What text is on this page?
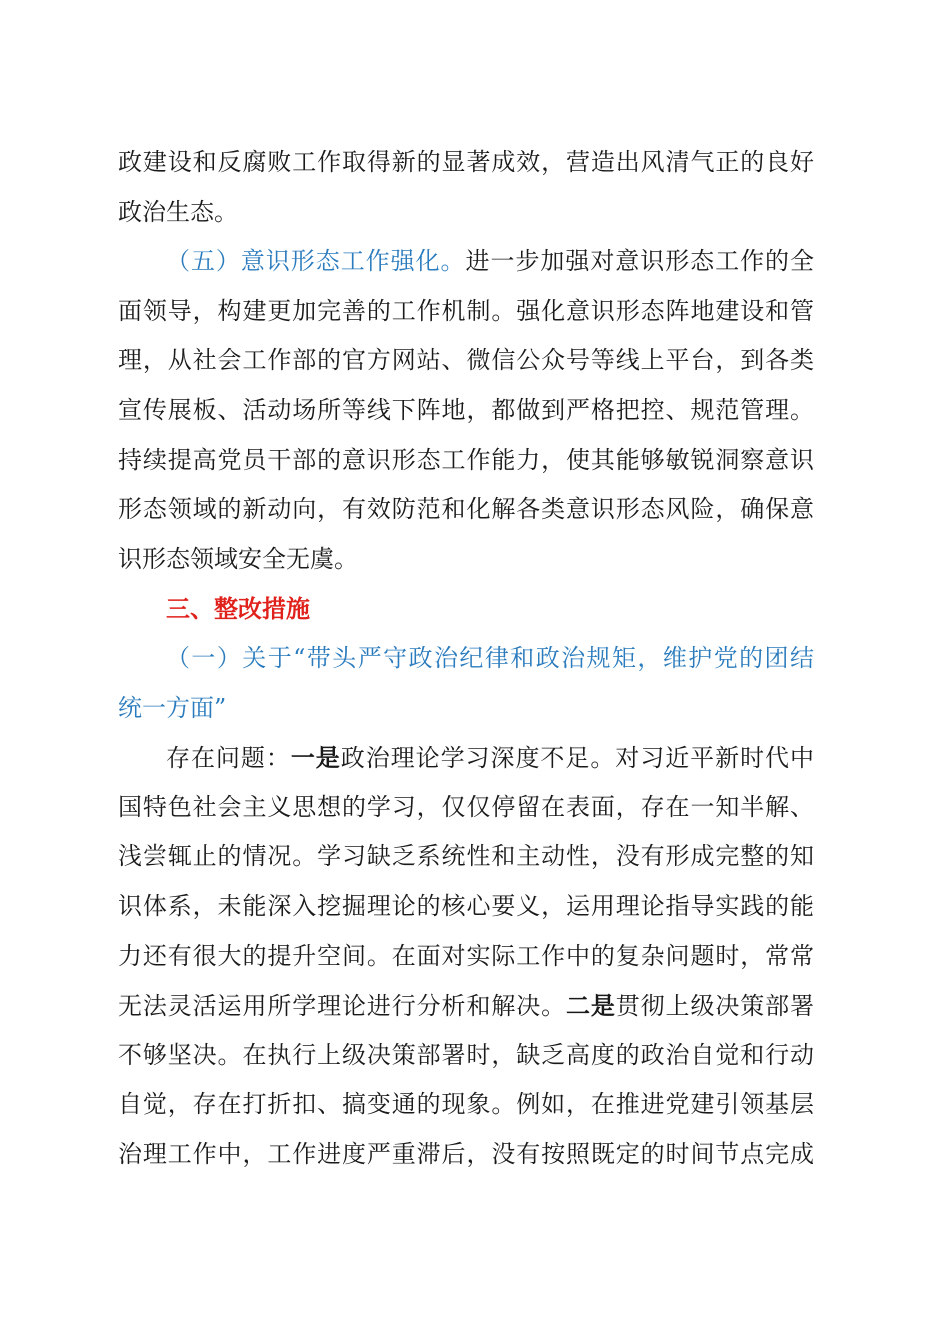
政建设和反腐败工作取得新的显著成效，营造出风清气正的良好
政治生态。
（五）意识形态工作强化。进一步加强对意识形态工作的全
面领导，构建更加完善的工作机制。强化意识形态阵地建设和管
理，从社会工作部的官方网站、微信公众号等线上平台，到各类
宣传展板、活动场所等线下阵地，都做到严格把控、规范管理。
持续提高党员干部的意识形态工作能力，使其能够敏锐洞察意识
形态领域的新动向，有效防范和化解各类意识形态风险，确保意
识形态领域安全无虞。
三、整改措施
（一）关于“带头严守政治纪律和政治规矩，维护党的团结
统一方面”
存在问题：一是政治理论学习深度不足。对习近平新时代中
国特色社会主义思想的学习，仅仅停留在表面，存在一知半解、
浅尝辄止的情况。学习缺乏系统性和主动性，没有形成完整的知
识体系，未能深入挖掘理论的核心要义，运用理论指导实践的能
力还有很大的提升空间。在面对实际工作中的复杂问题时，常常
无法灵活运用所学理论进行分析和解决。二是贯彻上级决策部署
不够坚决。在执行上级决策部署时，缺乏高度的政治自觉和行动
自觉，存在打折扣、搞变通的现象。例如，在推进党建引领基层
治理工作中，工作进度严重滞后，没有按照既定的时间节点完成
